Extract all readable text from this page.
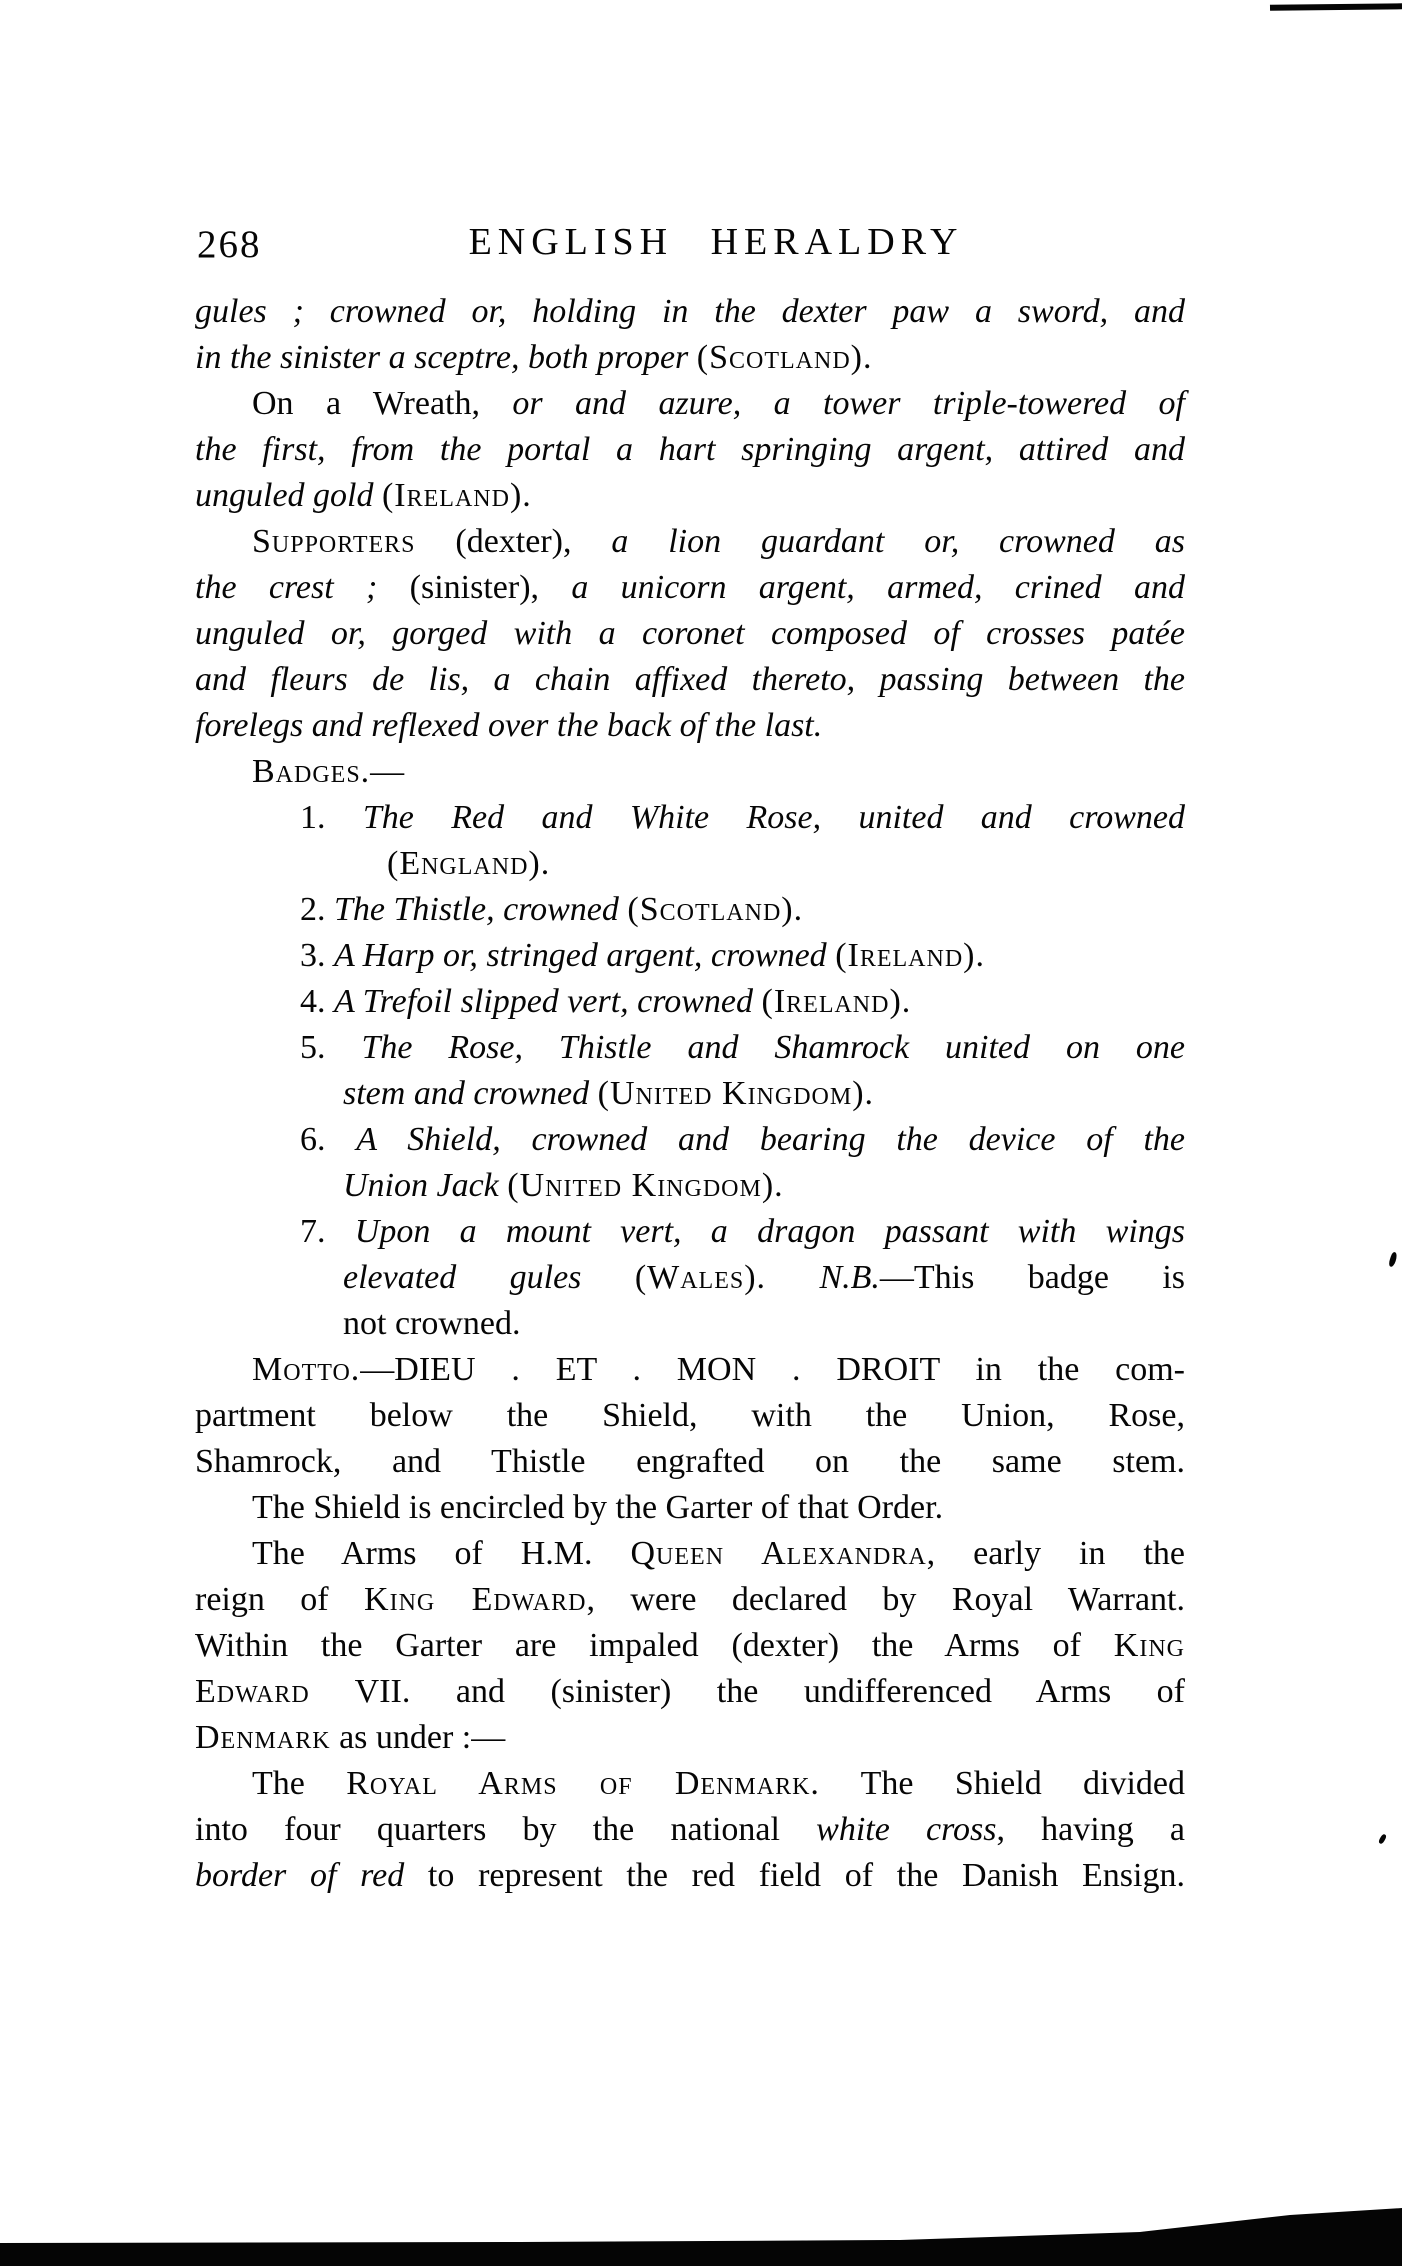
268	ENGLISH HERALDRY
gules ; crowned or, holding in the dexter paw a sword, and
in the sinister a sceptre, both proper (Scotland).
On a Wreath, or and azure, a tower triple-towered of
the first, from the portal a hart springing argent, attired and
unguled gold (Ireland).
Supporters (dexter), a lion guardant or, crowned as
the crest ; (sinister), a unicorn argent, armed, crined and
unguled or, gorged with a coronet composed of crosses patée
and fleurs de lis, a chain affixed thereto, passing between the
forelegs and reflexed over the back of the last.
Badges.—
1. The Red and White Rose, united and crowned
(England).
2. The Thistle, crowned (Scotland).
3. A Harp or, stringed argent, crowned (Ireland).
4. A Trefoil slipped vert, crowned (Ireland).
5. The Rose, Thistle and Shamrock united on one
stem and crowned (United Kingdom).
6. A Shield, crowned and bearing the device of the
Union Jack (United Kingdom).
7. Upon a mount vert, a dragon passant with wings
elevated gules (Wales). N.B.—This badge is
not crowned.
Motto.—DIEU . ET . MON . DROIT in the com-
partment below the Shield, with the Union, Rose,
Shamrock, and Thistle engrafted on the same stem.
The Shield is encircled by the Garter of that Order.
The Arms of H.M. Queen Alexandra, early in the
reign of King Edward, were declared by Royal Warrant.
Within the Garter are impaled (dexter) the Arms of King
Edward VII. and (sinister) the undifferenced Arms of
Denmark as under :—
The Royal Arms of Denmark. The Shield divided
into four quarters by the national white cross, having a
border of red to represent the red field of the Danish Ensign.
